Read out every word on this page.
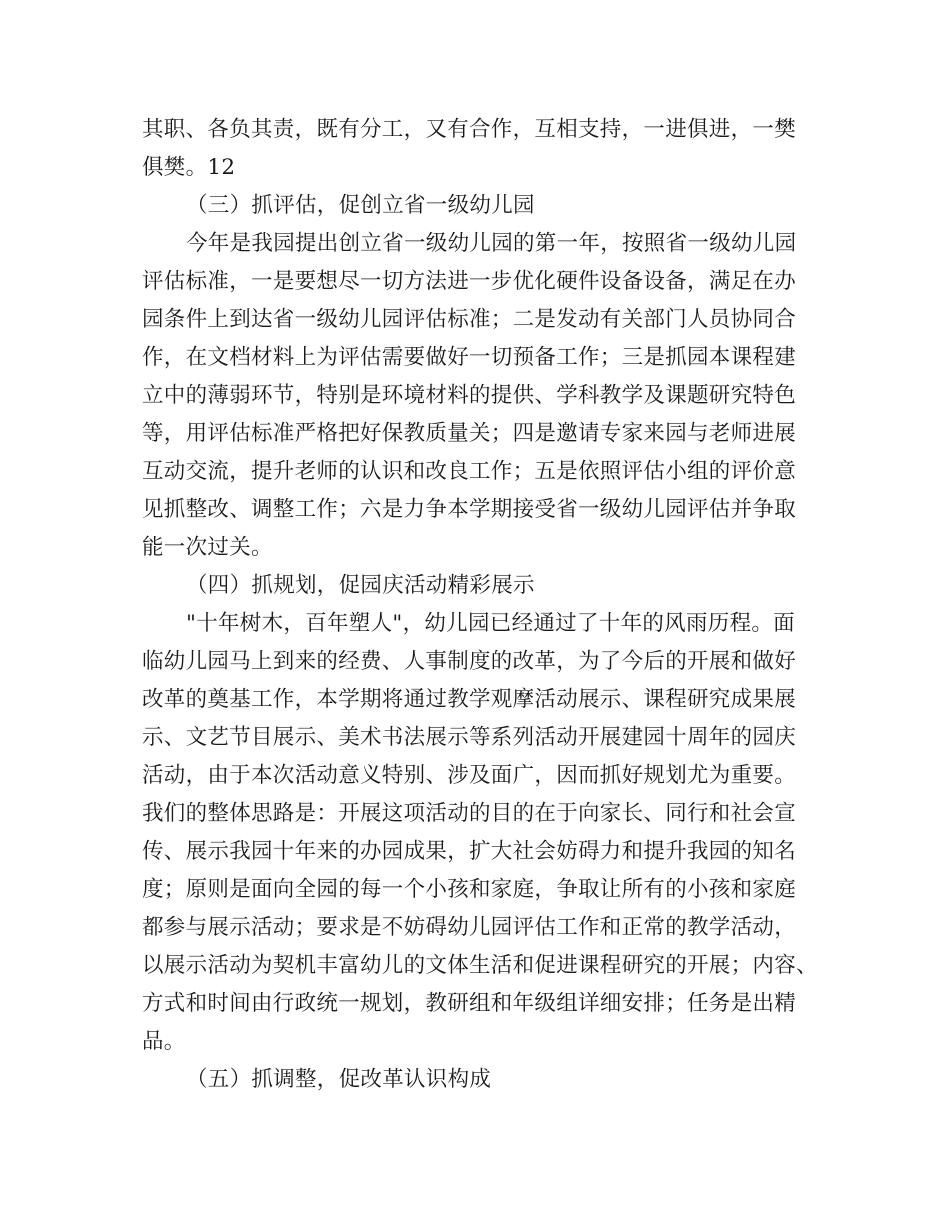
其职、各负其责，既有分工，又有合作，互相支持，一进俱进，一樊
俱樊。12
（三）抓评估，促创立省一级幼儿园
今年是我园提出创立省一级幼儿园的第一年，按照省一级幼儿园
评估标准，一是要想尽一切方法进一步优化硬件设备设备，满足在办
园条件上到达省一级幼儿园评估标准；二是发动有关部门人员协同合
作，在文档材料上为评估需要做好一切预备工作；三是抓园本课程建
立中的薄弱环节，特别是环境材料的提供、学科教学及课题研究特色
等，用评估标准严格把好保教质量关；四是邀请专家来园与老师进展
互动交流，提升老师的认识和改良工作；五是依照评估小组的评价意
见抓整改、调整工作；六是力争本学期接受省一级幼儿园评估并争取
能一次过关。
（四）抓规划，促园庆活动精彩展示
"十年树木，百年塑人"，幼儿园已经通过了十年的风雨历程。面
临幼儿园马上到来的经费、人事制度的改革，为了今后的开展和做好
改革的奠基工作，本学期将通过教学观摩活动展示、课程研究成果展
示、文艺节目展示、美术书法展示等系列活动开展建园十周年的园庆
活动，由于本次活动意义特别、涉及面广，因而抓好规划尤为重要。
我们的整体思路是：开展这项活动的目的在于向家长、同行和社会宣
传、展示我园十年来的办园成果，扩大社会妨碍力和提升我园的知名
度；原则是面向全园的每一个小孩和家庭，争取让所有的小孩和家庭
都参与展示活动；要求是不妨碍幼儿园评估工作和正常的教学活动，
以展示活动为契机丰富幼儿的文体生活和促进课程研究的开展；内容、
方式和时间由行政统一规划，教研组和年级组详细安排；任务是出精
品。
（五）抓调整，促改革认识构成
